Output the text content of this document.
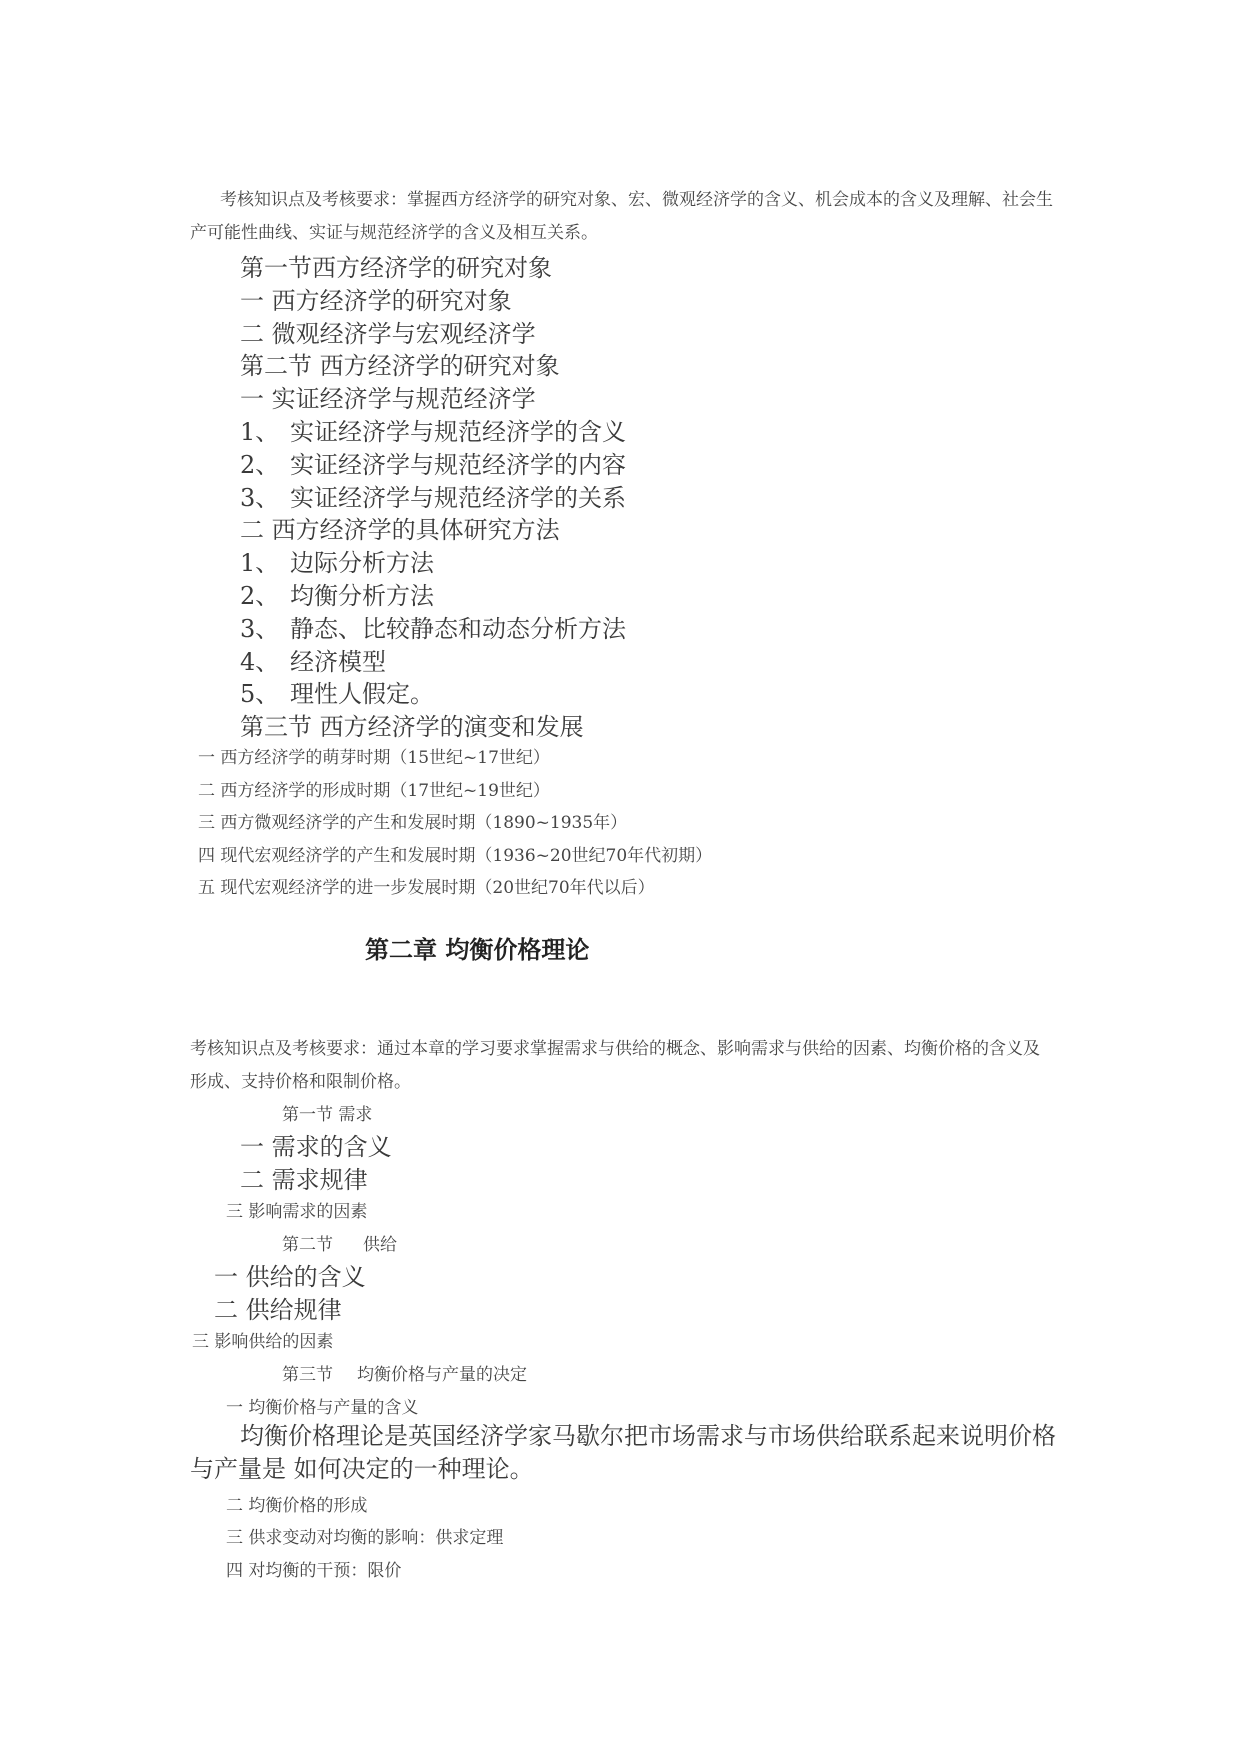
考核知识点及考核要求：掌握西方经济学的研究对象、宏、微观经济学的含义、机会成本的含义及理解、社会生产可能性曲线、实证与规范经济学的含义及相互关系。
第一节西方经济学的研究对象
一 西方经济学的研究对象
二 微观经济学与宏观经济学
第二节 西方经济学的研究对象
一 实证经济学与规范经济学
1、 实证经济学与规范经济学的含义
2、 实证经济学与规范经济学的内容
3、 实证经济学与规范经济学的关系
二 西方经济学的具体研究方法
1、 边际分析方法
2、 均衡分析方法
3、 静态、比较静态和动态分析方法
4、 经济模型
5、 理性人假定。
第三节 西方经济学的演变和发展
一 西方经济学的萌芽时期（15世纪~17世纪）
二 西方经济学的形成时期（17世纪~19世纪）
三 西方微观经济学的产生和发展时期（1890~1935年）
四 现代宏观经济学的产生和发展时期（1936~20世纪70年代初期）
五 现代宏观经济学的进一步发展时期（20世纪70年代以后）
第二章 均衡价格理论
考核知识点及考核要求：通过本章的学习要求掌握需求与供给的概念、影响需求与供给的因素、均衡价格的含义及形成、支持价格和限制价格。
第一节 需求
一 需求的含义
二 需求规律
三 影响需求的因素
第二节 供给
一 供给的含义
二 供给规律
三 影响供给的因素
第三节 均衡价格与产量的决定
一 均衡价格与产量的含义
均衡价格理论是英国经济学家马歇尔把市场需求与市场供给联系起来说明价格与产量是 如何决定的一种理论。
二 均衡价格的形成
三 供求变动对均衡的影响：供求定理
四 对均衡的干预：限价
